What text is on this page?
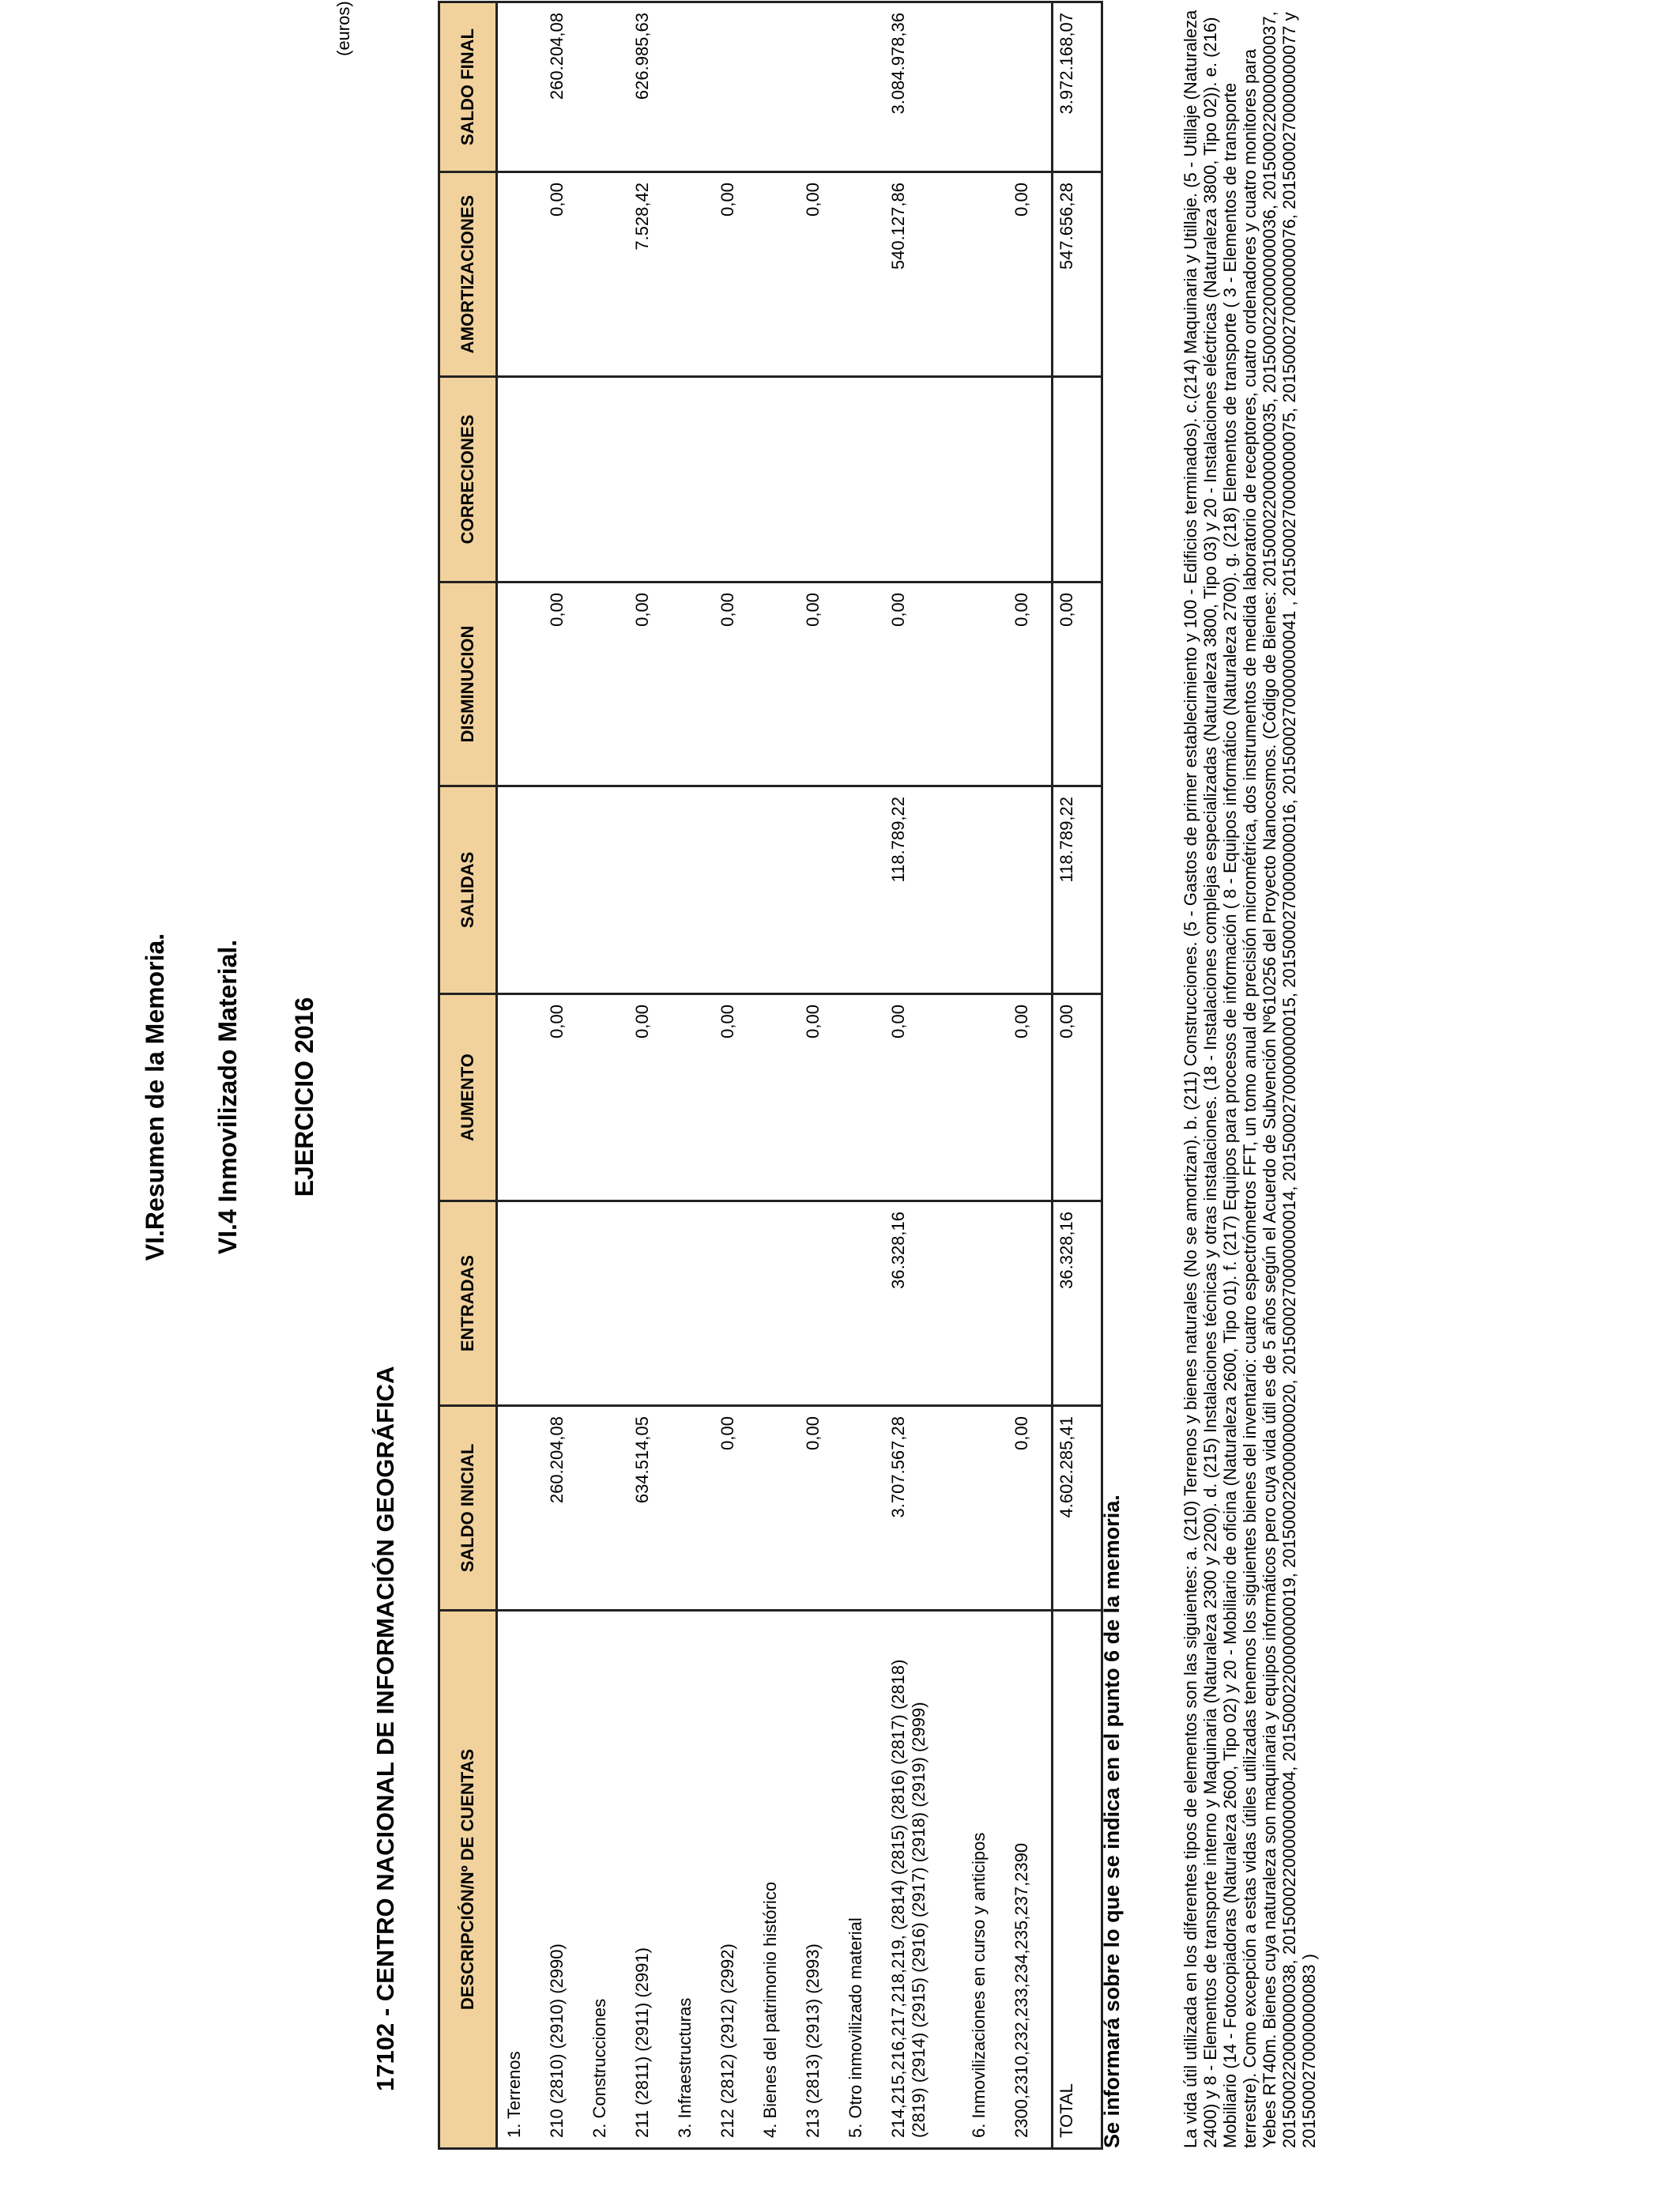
VI.Resumen de la Memoria. VI.4 Inmovilizado Material. EJERCICIO 2016
17102 - CENTRO NACIONAL DE INFORMACIÓN GEOGRÁFICA
(euros)
DESCRIPCIÓN/Nº DE CUENTAS	SALDO INICIAL	ENTRADAS	AUMENTO	SALIDAS	DISMINUCION	CORRECIONES	AMORTIZACIONES	SALDO FINAL
1. Terrenos								
210 (2810) (2910) (2990)	260.204,08		0,00		0,00		0,00	260.204,08
2. Construcciones								
211 (2811) (2911) (2991)	634.514,05		0,00		0,00		7.528,42	626.985,63
3. Infraestructuras								
212 (2812) (2912) (2992)	0,00		0,00		0,00		0,00	
4. Bienes del patrimonio histórico								
213 (2813) (2913) (2993)	0,00		0,00		0,00		0,00	
5. Otro inmovilizado material								
214,215,216,217,218,219, (2814) (2815) (2816) (2817) (2818) (2819) (2914) (2915) (2916) (2917) (2918) (2919) (2999)	3.707.567,28	36.328,16	0,00	118.789,22	0,00		540.127,86	3.084.978,36
6. Inmovilizaciones en curso y anticipos								
2300,2310,232,233,234,235,237,2390	0,00		0,00		0,00		0,00	
TOTAL	4.602.285,41	36.328,16	0,00	118.789,22	0,00		547.656,28	3.972.168,07
Se informará sobre lo que se indica en el punto 6 de la memoria.	La vida útil utilizada en los diferentes tipos de elementos son las siguientes: a. (210) Terrenos y bienes naturales (No se amortizan). b. (211) Construcciones. (5 - Gastos de primer establecimiento y 100 - Edificios terminados). c.(214) Maquinaria y Utillaje. (5 - Utillaje (Naturaleza 2400) y 8 - Elementos de transporte interno y Maquinaria (Naturaleza 2300 y 2200). d. (215) Instalaciones técnicas y otras instalaciones. (18 - Instalaciones complejas especializadas (Naturaleza 3800, Tipo 03) y 20 - Instalaciones eléctricas (Naturaleza 3800, Tipo 02)). e. (216) Mobiliario (14 - Fotocopiadoras (Naturaleza 2600, Tipo 02) y 20 - Mobiliario de oficina (Naturaleza 2600, Tipo 01). f. (217) Equipos para procesos de información ( 8 - Equipos informático (Naturaleza 2700). g. (218) Elementos de transporte ( 3 - Elementos de transporte terrestre). Como excepción a estas vidas útiles utilizadas tenemos los siguientes bienes del inventario: cuatro espectrómetros FFT, un tomo anual de precisión micrométrica, dos instrumentos de medida laboratorio de receptores, cuatro ordenadores y cuatro monitores para Yebes RT40m. Bienes cuya naturaleza son maquinaria y equipos informáticos pero cuya vida útil es de 5 años según el Acuerdo de Subvención Nº610256 del Proyecto Nanocosmos. (Código de Bienes: 2015000220000000035, 2015000220000000036, 2015000220000000037, 2015000220000000038, 2015000220000000004, 2015000220000000019, 2015000220000000020, 2015000270000000014, 2015000270000000015, 2015000270000000016, 2015000270000000041 , 2015000270000000075, 2015000270000000076, 2015000270000000077 y 2015000270000000083 )
